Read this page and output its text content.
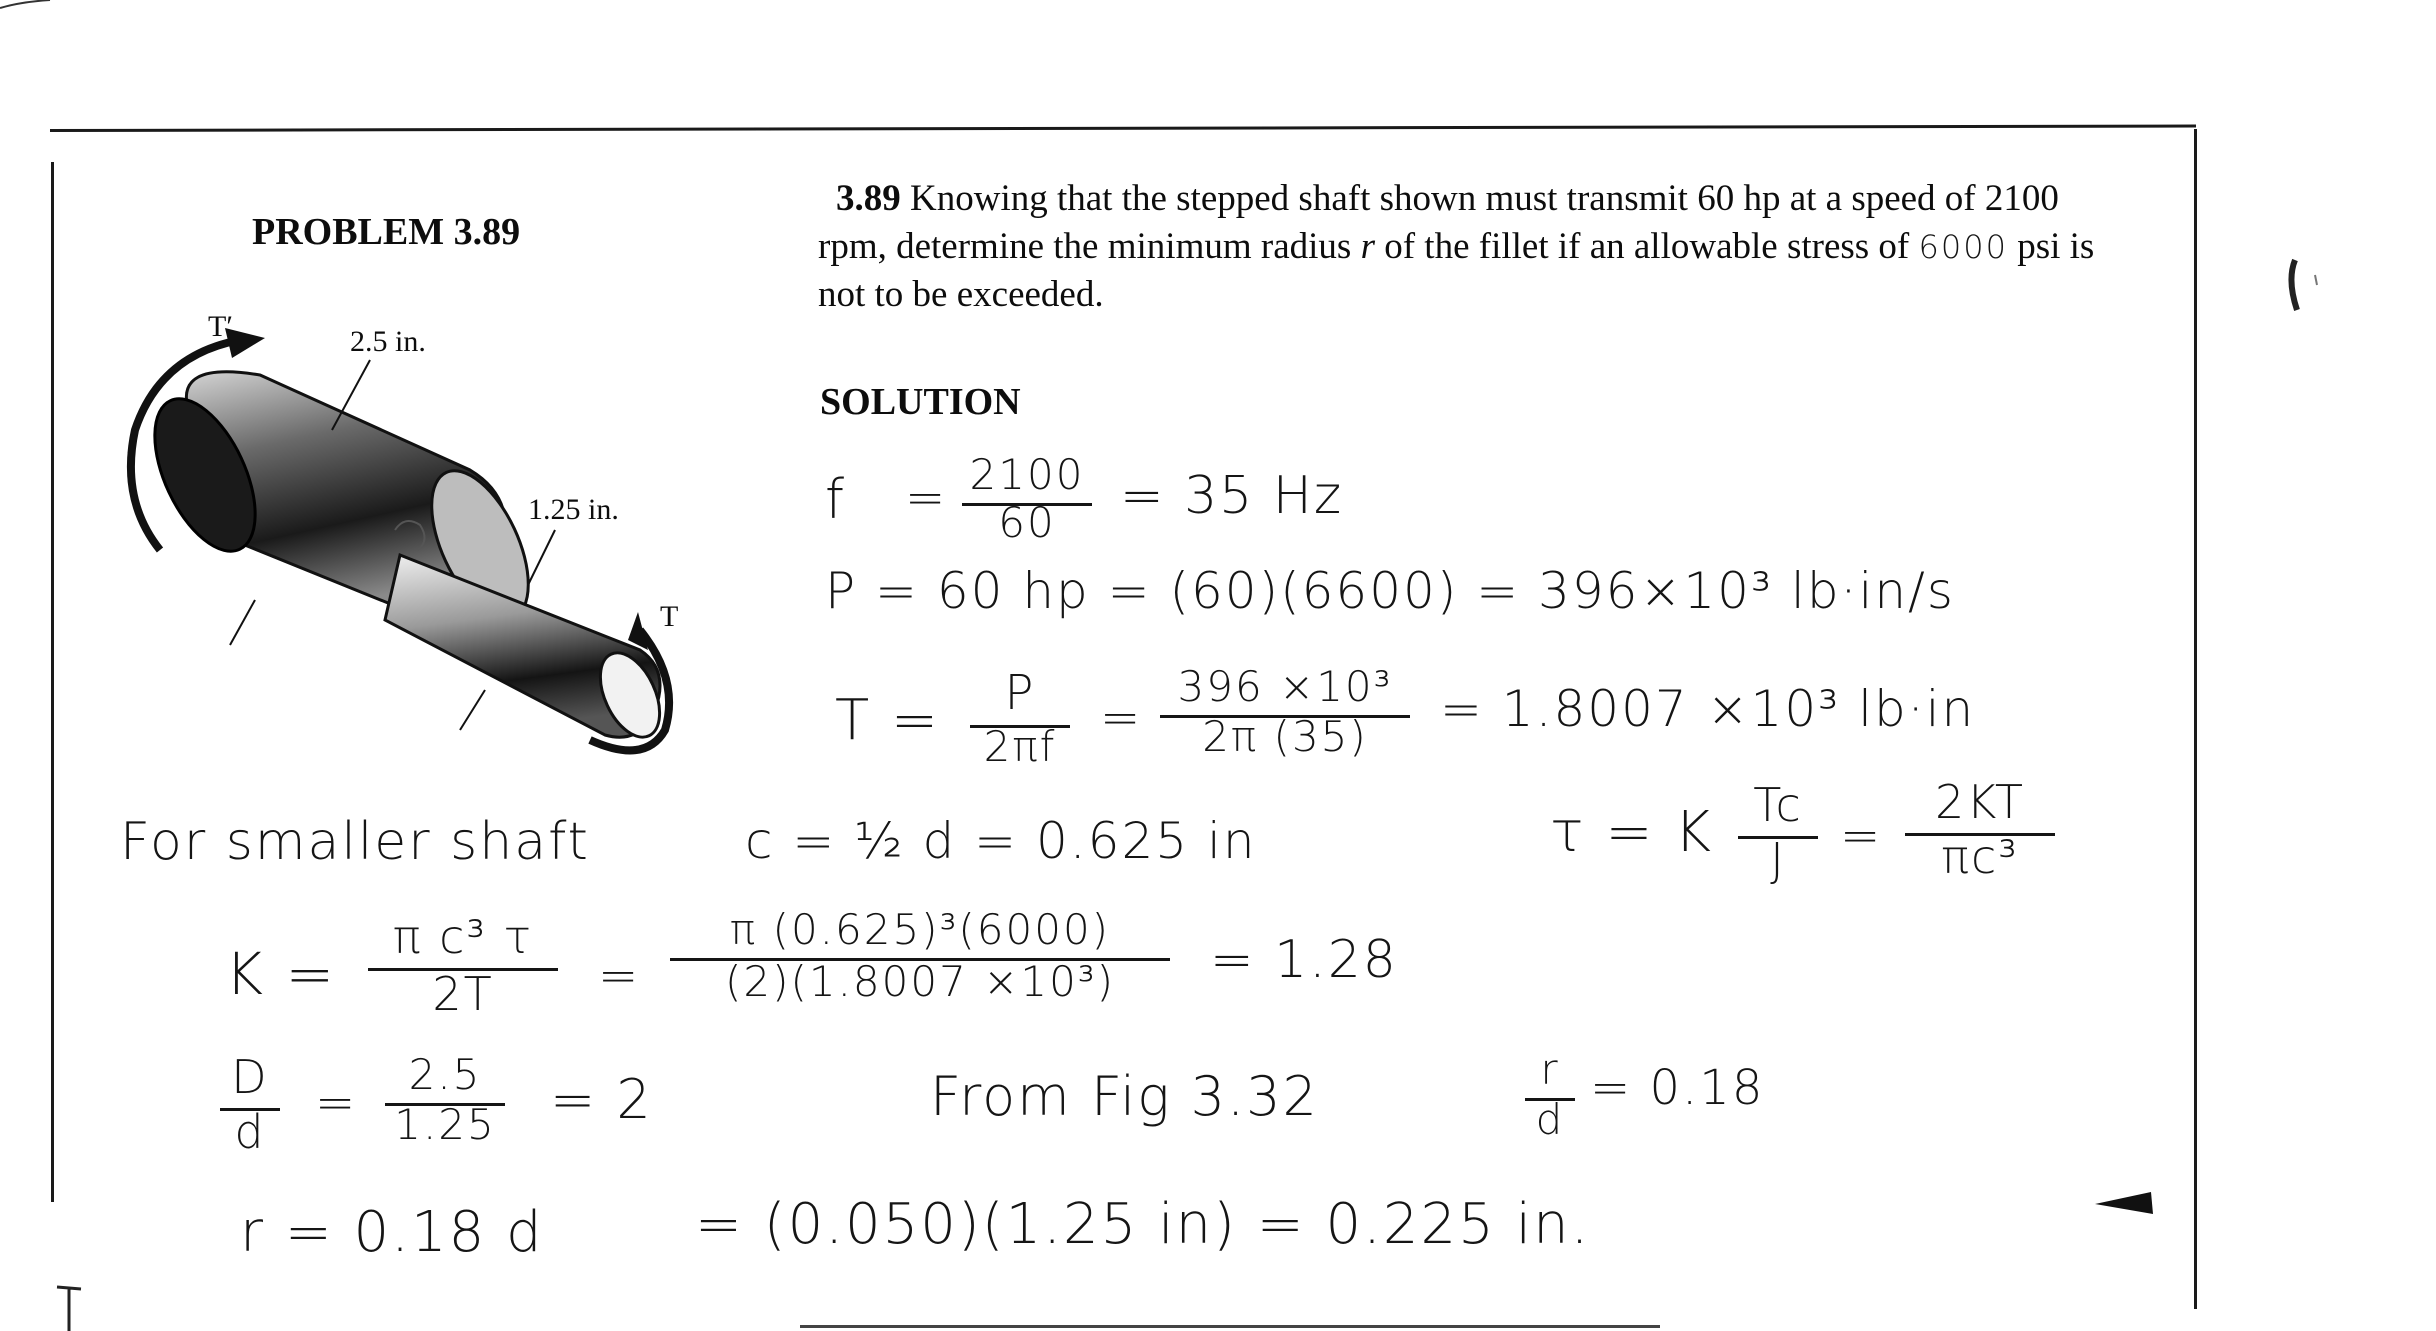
PROBLEM 3.89
3.89 Knowing that the stepped shaft shown must transmit 60 hp at a speed of 2100
rpm, determine the minimum radius r of the fillet if an allowable stress of 6000 psi is
not to be exceeded.
T′	2.5 in.
1.25 in.
T
SOLUTION
f = 2100
60 = 35 Hz
P = 60 hp = (60)(6600) = 396×10³ lb·in/s
T = P
2πf
=
396 ×10³
2π (35) = 1.8007 ×10³ lb·in
For smaller shaft	c = ½ d = 0.625 in	τ = K Tc
J =
2KT
πc³
K =
π c³ τ
2T =
π (0.625)³(6000)
(2)(1.8007 ×10³) = 1.28
D
d
=
2.5
1.25 = 2	From Fig 3.32	r
d
= 0.18
r = 0.18 d	= (0.050)(1.25 in) = 0.225 in.
